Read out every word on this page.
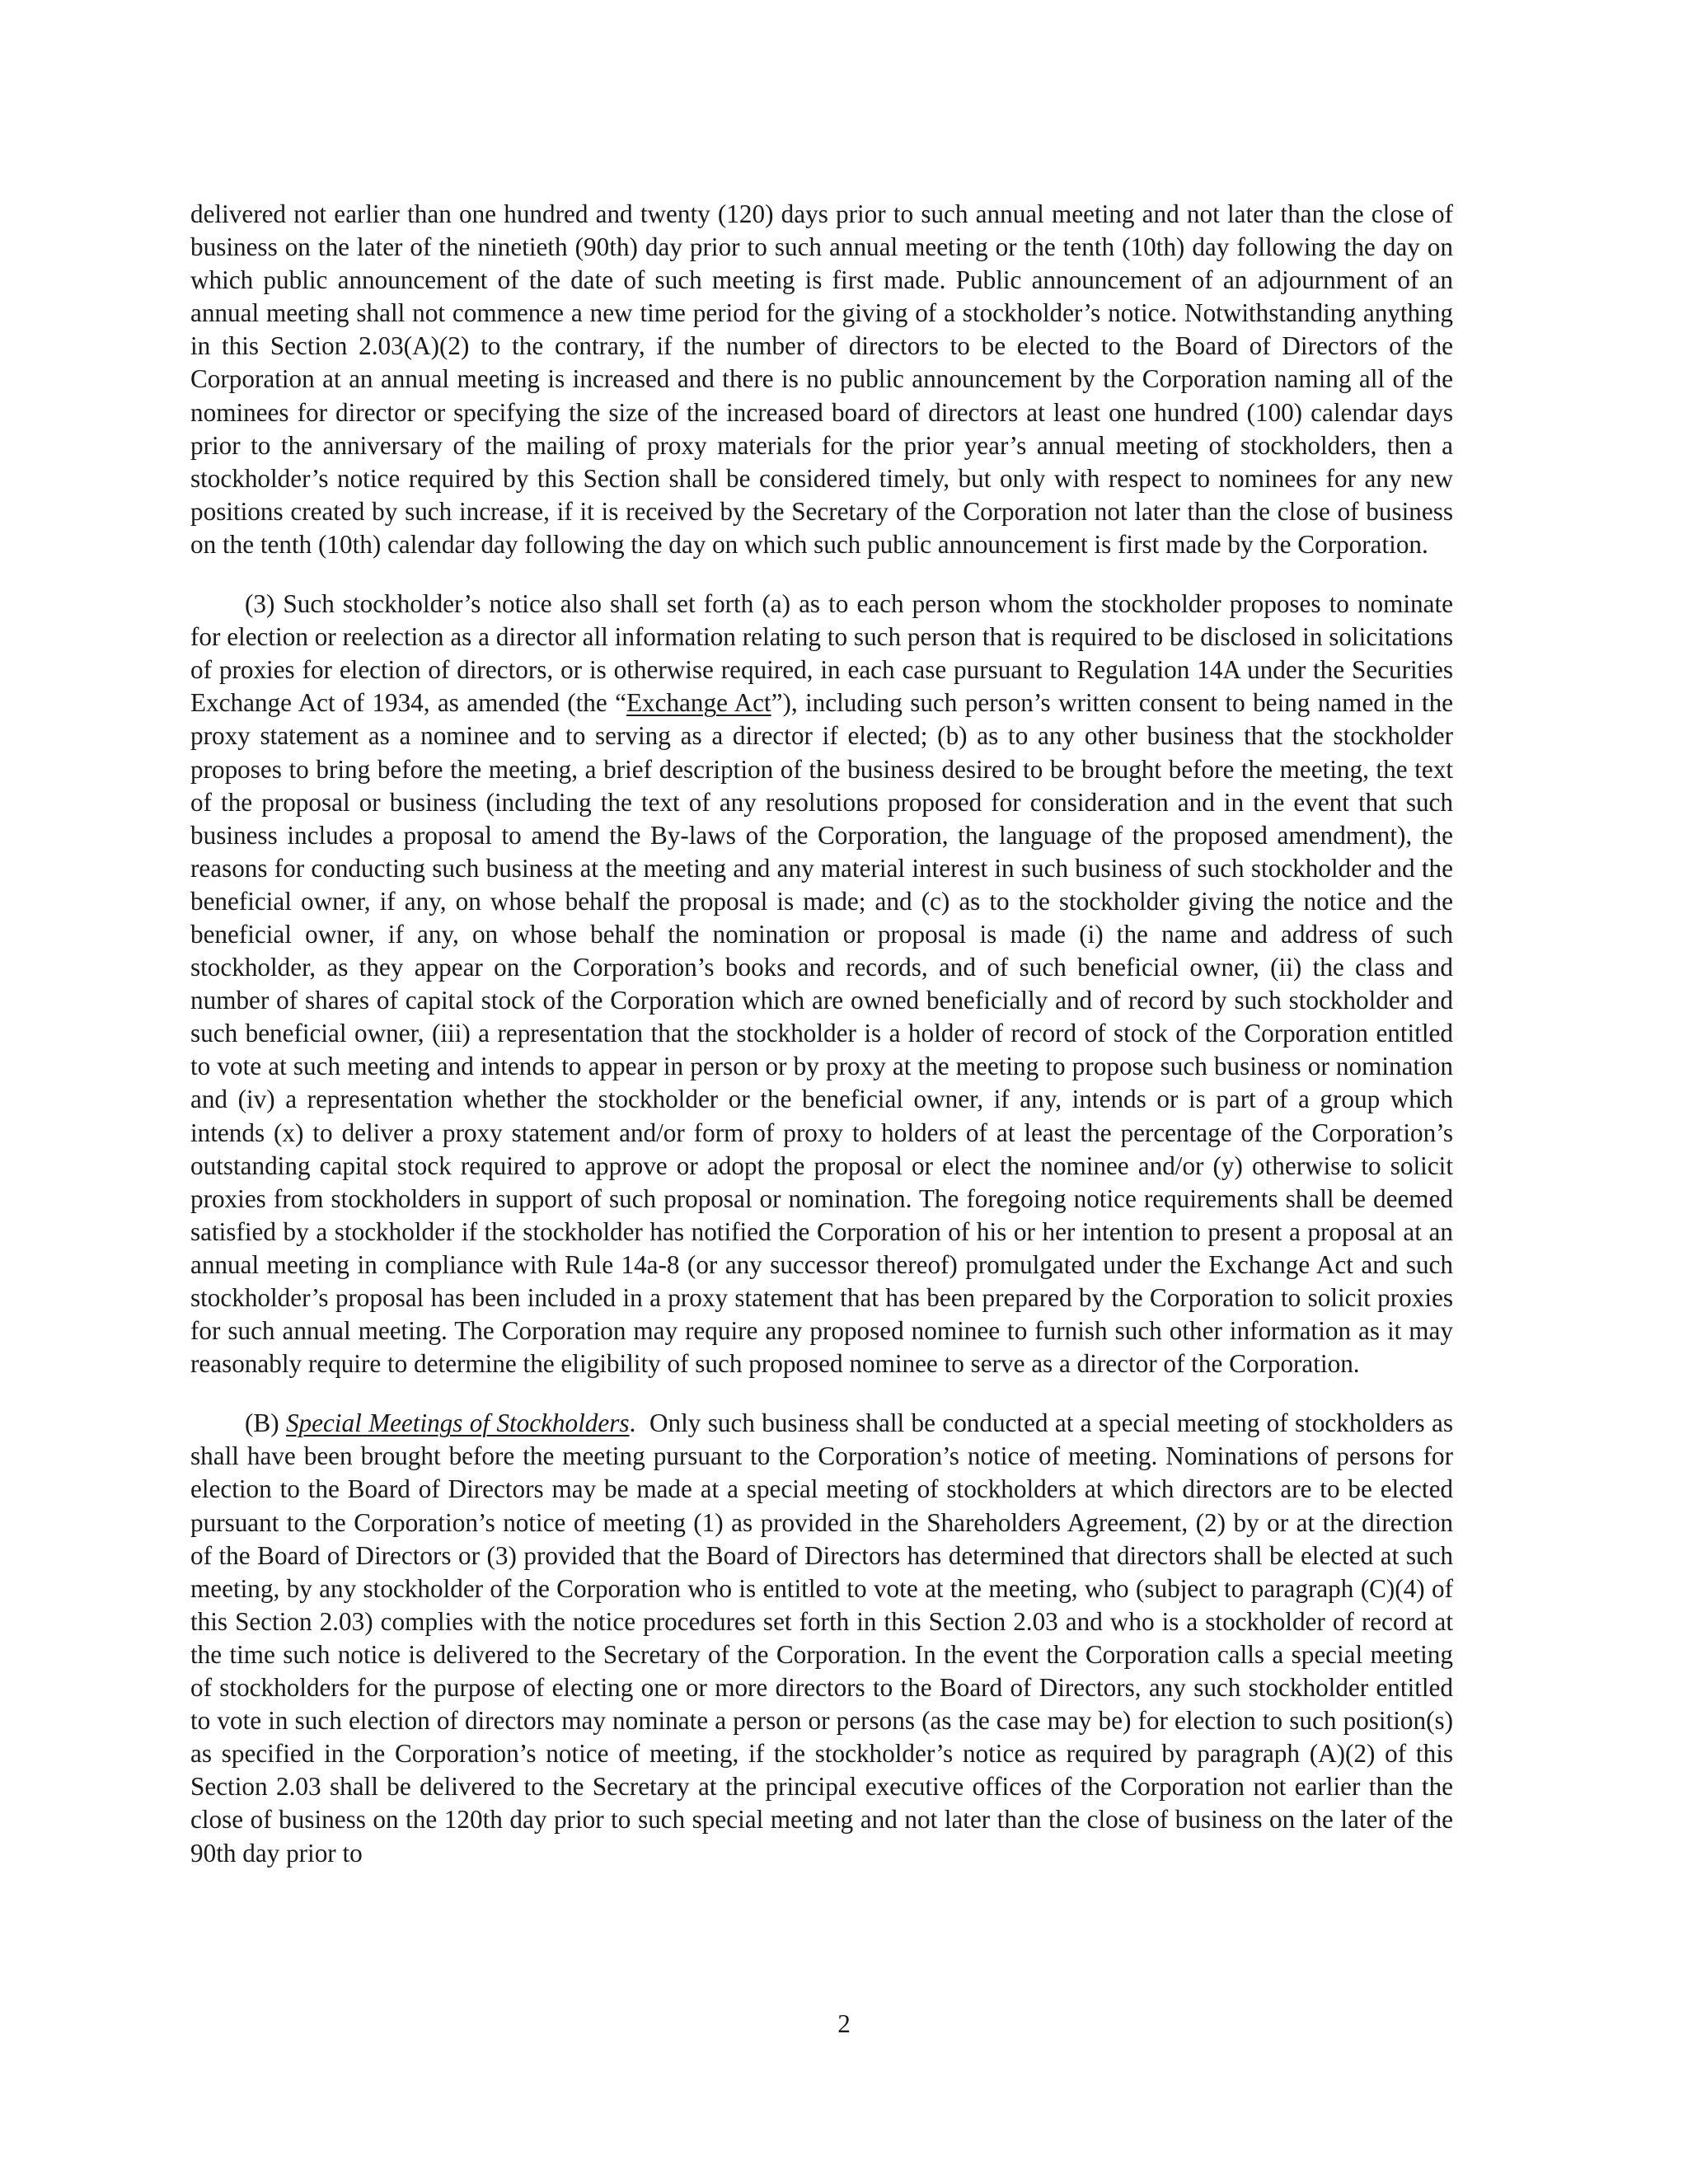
delivered not earlier than one hundred and twenty (120) days prior to such annual meeting and not later than the close of business on the later of the ninetieth (90th) day prior to such annual meeting or the tenth (10th) day following the day on which public announcement of the date of such meeting is first made. Public announcement of an adjournment of an annual meeting shall not commence a new time period for the giving of a stockholder’s notice. Notwithstanding anything in this Section 2.03(A)(2) to the contrary, if the number of directors to be elected to the Board of Directors of the Corporation at an annual meeting is increased and there is no public announcement by the Corporation naming all of the nominees for director or specifying the size of the increased board of directors at least one hundred (100) calendar days prior to the anniversary of the mailing of proxy materials for the prior year’s annual meeting of stockholders, then a stockholder’s notice required by this Section shall be considered timely, but only with respect to nominees for any new positions created by such increase, if it is received by the Secretary of the Corporation not later than the close of business on the tenth (10th) calendar day following the day on which such public announcement is first made by the Corporation.

(3) Such stockholder’s notice also shall set forth (a) as to each person whom the stockholder proposes to nominate for election or reelection as a director all information relating to such person that is required to be disclosed in solicitations of proxies for election of directors, or is otherwise required, in each case pursuant to Regulation 14A under the Securities Exchange Act of 1934, as amended (the “Exchange Act”), including such person’s written consent to being named in the proxy statement as a nominee and to serving as a director if elected; (b) as to any other business that the stockholder proposes to bring before the meeting, a brief description of the business desired to be brought before the meeting, the text of the proposal or business (including the text of any resolutions proposed for consideration and in the event that such business includes a proposal to amend the By-laws of the Corporation, the language of the proposed amendment), the reasons for conducting such business at the meeting and any material interest in such business of such stockholder and the beneficial owner, if any, on whose behalf the proposal is made; and (c) as to the stockholder giving the notice and the beneficial owner, if any, on whose behalf the nomination or proposal is made (i) the name and address of such stockholder, as they appear on the Corporation’s books and records, and of such beneficial owner, (ii) the class and number of shares of capital stock of the Corporation which are owned beneficially and of record by such stockholder and such beneficial owner, (iii) a representation that the stockholder is a holder of record of stock of the Corporation entitled to vote at such meeting and intends to appear in person or by proxy at the meeting to propose such business or nomination and (iv) a representation whether the stockholder or the beneficial owner, if any, intends or is part of a group which intends (x) to deliver a proxy statement and/or form of proxy to holders of at least the percentage of the Corporation’s outstanding capital stock required to approve or adopt the proposal or elect the nominee and/or (y) otherwise to solicit proxies from stockholders in support of such proposal or nomination. The foregoing notice requirements shall be deemed satisfied by a stockholder if the stockholder has notified the Corporation of his or her intention to present a proposal at an annual meeting in compliance with Rule 14a-8 (or any successor thereof) promulgated under the Exchange Act and such stockholder’s proposal has been included in a proxy statement that has been prepared by the Corporation to solicit proxies for such annual meeting. The Corporation may require any proposed nominee to furnish such other information as it may reasonably require to determine the eligibility of such proposed nominee to serve as a director of the Corporation.

(B) Special Meetings of Stockholders.  Only such business shall be conducted at a special meeting of stockholders as shall have been brought before the meeting pursuant to the Corporation’s notice of meeting. Nominations of persons for election to the Board of Directors may be made at a special meeting of stockholders at which directors are to be elected pursuant to the Corporation’s notice of meeting (1) as provided in the Shareholders Agreement, (2) by or at the direction of the Board of Directors or (3) provided that the Board of Directors has determined that directors shall be elected at such meeting, by any stockholder of the Corporation who is entitled to vote at the meeting, who (subject to paragraph (C)(4) of this Section 2.03) complies with the notice procedures set forth in this Section 2.03 and who is a stockholder of record at the time such notice is delivered to the Secretary of the Corporation. In the event the Corporation calls a special meeting of stockholders for the purpose of electing one or more directors to the Board of Directors, any such stockholder entitled to vote in such election of directors may nominate a person or persons (as the case may be) for election to such position(s) as specified in the Corporation’s notice of meeting, if the stockholder’s notice as required by paragraph (A)(2) of this Section 2.03 shall be delivered to the Secretary at the principal executive offices of the Corporation not earlier than the close of business on the 120th day prior to such special meeting and not later than the close of business on the later of the 90th day prior to

2
